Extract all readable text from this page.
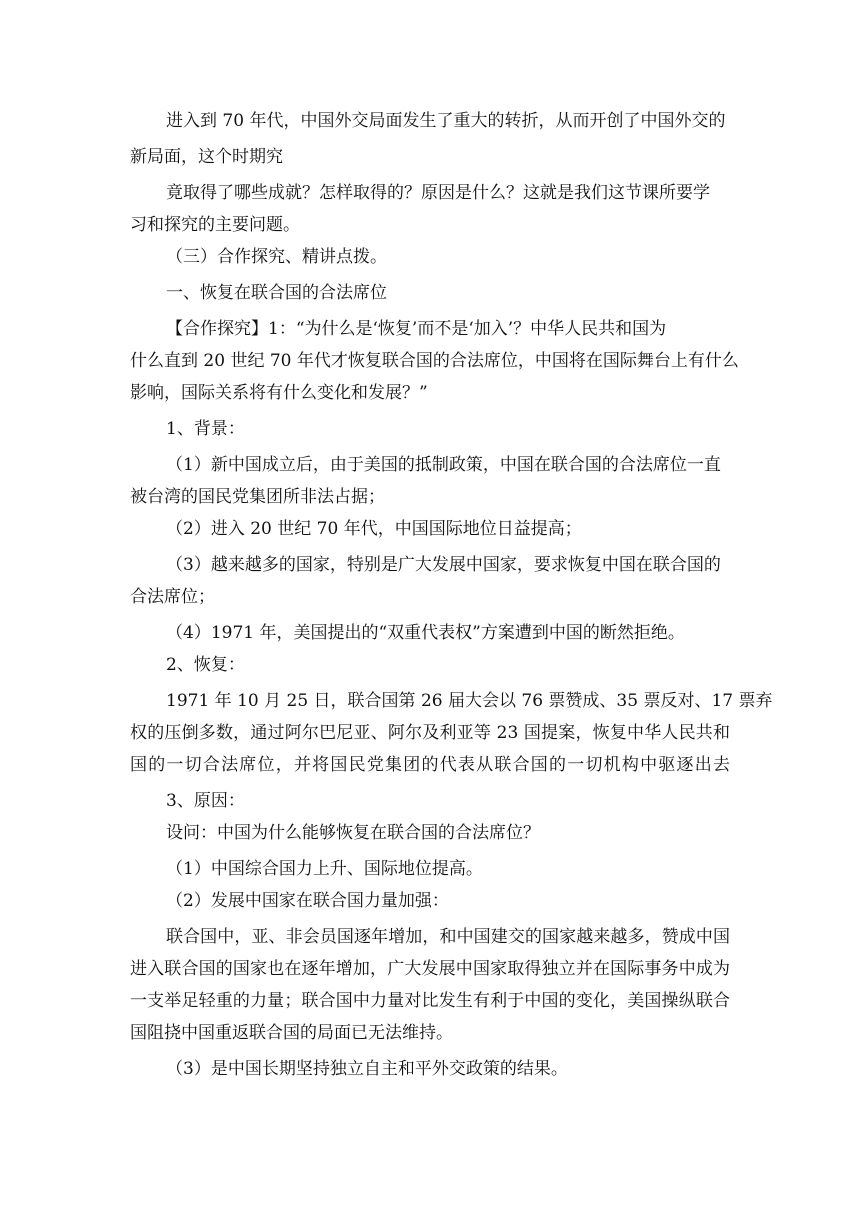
进入到 70 年代，中国外交局面发生了重大的转折，从而开创了中国外交的

新局面，这个时期究

竟取得了哪些成就？怎样取得的？原因是什么？这就是我们这节课所要学

习和探究的主要问题。

（三）合作探究、精讲点拨。

一、恢复在联合国的合法席位

【合作探究】1：“为什么是‘恢复’而不是‘加入’？中华人民共和国为

什么直到 20 世纪 70 年代才恢复联合国的合法席位，中国将在国际舞台上有什么

影响，国际关系将有什么变化和发展？”

1、背景：

（1）新中国成立后，由于美国的抵制政策，中国在联合国的合法席位一直

被台湾的国民党集团所非法占据；

（2）进入 20 世纪 70 年代，中国国际地位日益提高；

（3）越来越多的国家，特别是广大发展中国家，要求恢复中国在联合国的

合法席位；

（4）1971 年，美国提出的“双重代表权”方案遭到中国的断然拒绝。

2、恢复：

1971 年 10 月 25 日，联合国第 26 届大会以 76 票赞成、35 票反对、17 票弃

权的压倒多数，通过阿尔巴尼亚、阿尔及利亚等 23 国提案，恢复中华人民共和

国的一切合法席位，并将国民党集团的代表从联合国的一切机构中驱逐出去

3、原因：

设问：中国为什么能够恢复在联合国的合法席位？

（1）中国综合国力上升、国际地位提高。

（2）发展中国家在联合国力量加强：

联合国中，亚、非会员国逐年增加，和中国建交的国家越来越多，赞成中国

进入联合国的国家也在逐年增加，广大发展中国家取得独立并在国际事务中成为

一支举足轻重的力量；联合国中力量对比发生有利于中国的变化，美国操纵联合

国阻挠中国重返联合国的局面已无法维持。

（3）是中国长期坚持独立自主和平外交政策的结果。
